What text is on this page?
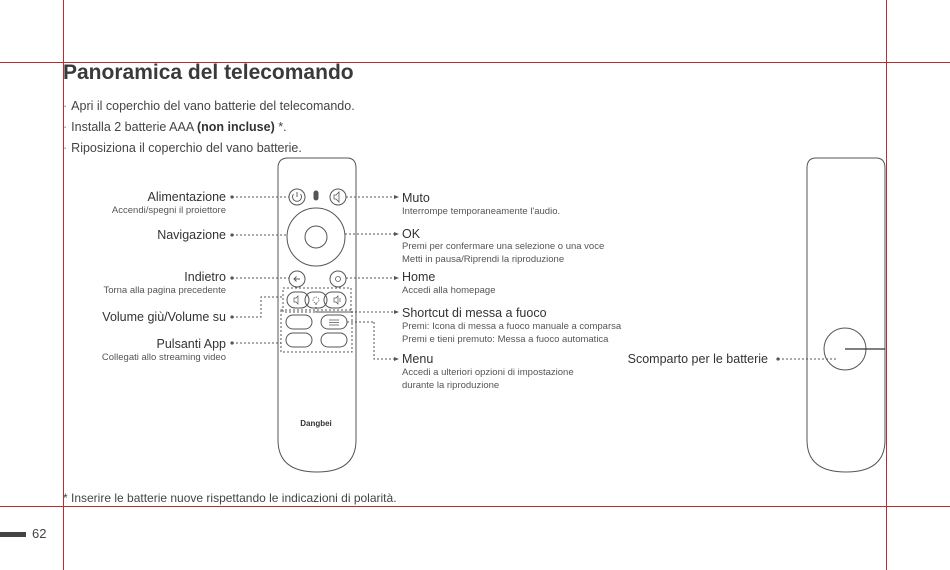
Panoramica del telecomando
· Apri il coperchio del vano batterie del telecomando.
· Installa 2 batterie AAA (non incluse) *.
· Riposiziona il coperchio del vano batterie.
Dangbei
Alimentazione
Accendi/spegni il proiettore
Navigazione
Indietro
Torna alla pagina precedente
Volume giù/Volume su
Pulsanti App
Collegati allo streaming video
Muto
Interrompe temporaneamente l'audio.
OK
Premi per confermare una selezione o una voce
Metti in pausa/Riprendi la riproduzione
Home
Accedi alla homepage
Shortcut di messa a fuoco
Premi: Icona di messa a fuoco manuale a comparsa
Premi e tieni premuto: Messa a fuoco automatica
Menu
Accedi a ulteriori opzioni di impostazione
durante la riproduzione
Scomparto per le batterie

* Inserire le batterie nuove rispettando le indicazioni di polarità.

62
